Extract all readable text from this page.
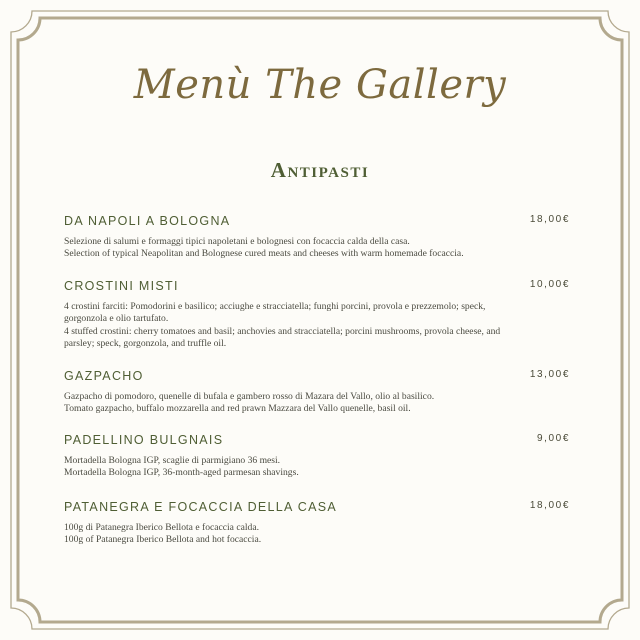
Menù The Gallery
Antipasti
DA NAPOLI A BOLOGNA	18,00€
Selezione di salumi e formaggi tipici napoletani e bolognesi con focaccia calda della casa.
Selection of typical Neapolitan and Bolognese cured meats and cheeses with warm homemade focaccia.
CROSTINI MISTI	10,00€
4 crostini farciti: Pomodorini e basilico; acciughe e stracciatella; funghi porcini, provola e prezzemolo; speck, gorgonzola e olio tartufato.
4 stuffed crostini: cherry tomatoes and basil; anchovies and stracciatella; porcini mushrooms, provola cheese, and parsley; speck, gorgonzola, and truffle oil.
GAZPACHO	13,00€
Gazpacho di pomodoro, quenelle di bufala e gambero rosso di Mazara del Vallo, olio al basilico.
Tomato gazpacho, buffalo mozzarella and red prawn Mazzara del Vallo quenelle, basil oil.
PADELLINO BULGNAIS	9,00€
Mortadella Bologna IGP, scaglie di parmigiano 36 mesi.
Mortadella Bologna IGP, 36-month-aged parmesan shavings.
PATANEGRA E FOCACCIA DELLA CASA	18,00€
100g di Patanegra Iberico Bellota e focaccia calda.
100g of Patanegra Iberico Bellota and hot focaccia.
